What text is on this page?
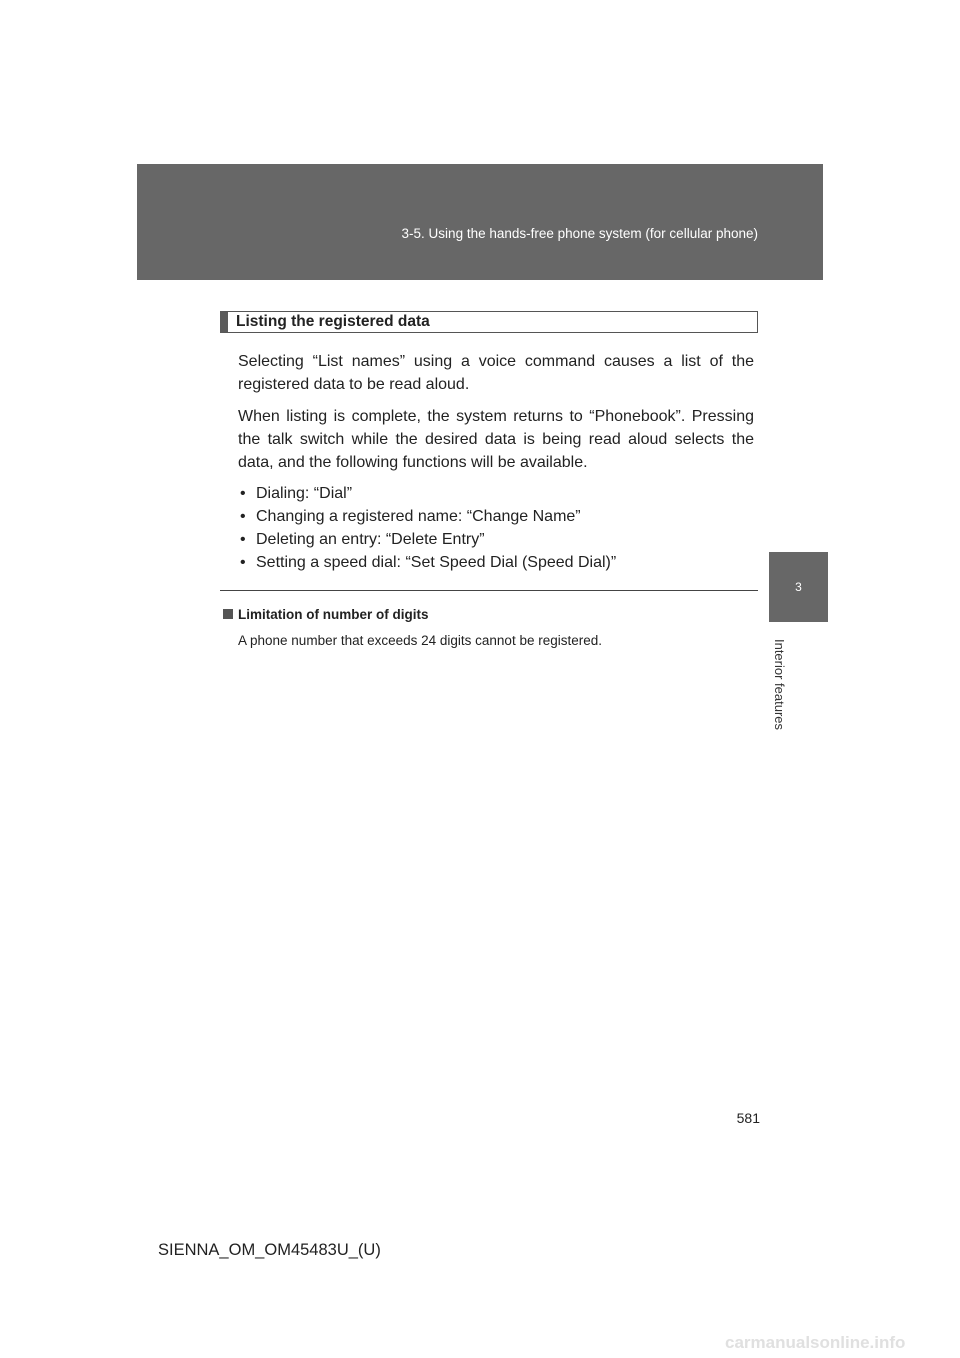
3-5. Using the hands-free phone system (for cellular phone)
3
Interior features
Listing the registered data

Selecting “List names” using a voice command causes a list of the registered data to be read aloud.

When listing is complete, the system returns to “Phonebook”. Pressing the talk switch while the desired data is being read aloud selects the data, and the following functions will be available.

• Dialing: “Dial”
• Changing a registered name: “Change Name”
• Deleting an entry: “Delete Entry”
• Setting a speed dial: “Set Speed Dial (Speed Dial)”
Limitation of number of digits
A phone number that exceeds 24 digits cannot be registered.
581
SIENNA_OM_OM45483U_(U)
carmanualsonline.info
